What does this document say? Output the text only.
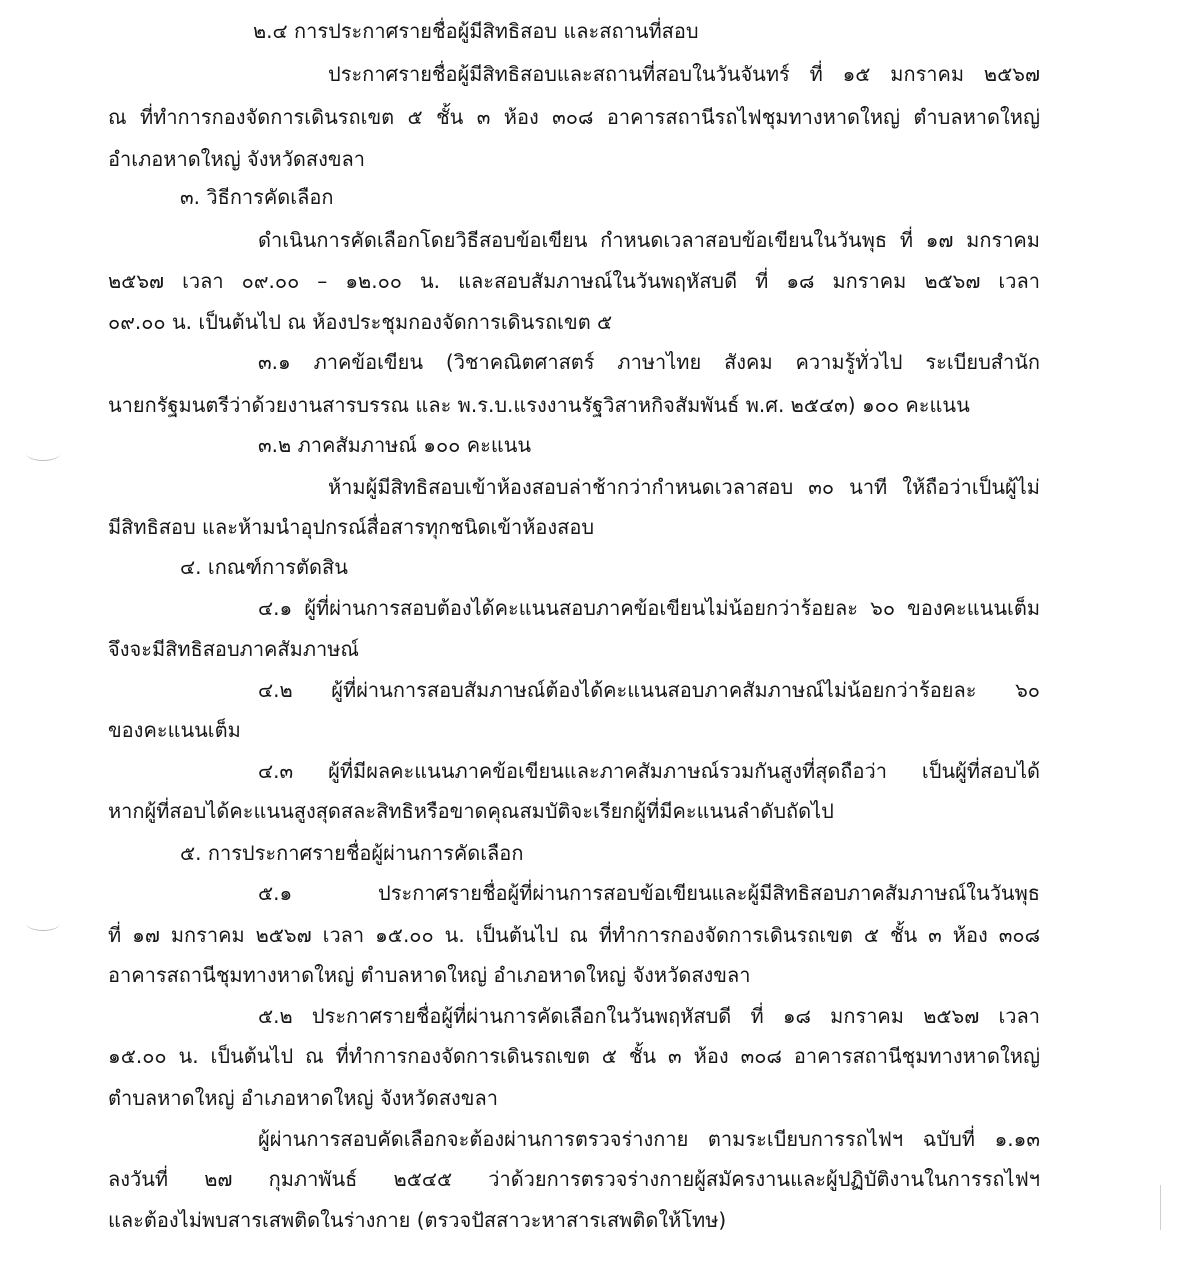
๒.๔ การประกาศรายชื่อผู้มีสิทธิสอบ และสถานที่สอบ

ประกาศรายชื่อผู้มีสิทธิสอบและสถานที่สอบในวันจันทร์ ที่ ๑๕ มกราคม ๒๕๖๗

ณ ที่ทำการกองจัดการเดินรถเขต ๕ ชั้น ๓ ห้อง ๓๐๘ อาคารสถานีรถไฟชุมทางหาดใหญ่ ตำบลหาดใหญ่

อำเภอหาดใหญ่ จังหวัดสงขลา

๓. วิธีการคัดเลือก

ดำเนินการคัดเลือกโดยวิธีสอบข้อเขียน กำหนดเวลาสอบข้อเขียนในวันพุธ ที่ ๑๗ มกราคม

๒๕๖๗ เวลา ๐๙.๐๐ – ๑๒.๐๐ น. และสอบสัมภาษณ์ในวันพฤหัสบดี ที่ ๑๘ มกราคม ๒๕๖๗ เวลา

๐๙.๐๐ น. เป็นต้นไป ณ ห้องประชุมกองจัดการเดินรถเขต ๕

๓.๑ ภาคข้อเขียน (วิชาคณิตศาสตร์ ภาษาไทย สังคม ความรู้ทั่วไป ระเบียบสำนัก

นายกรัฐมนตรีว่าด้วยงานสารบรรณ และ พ.ร.บ.แรงงานรัฐวิสาหกิจสัมพันธ์ พ.ศ. ๒๕๔๓) ๑๐๐ คะแนน

๓.๒ ภาคสัมภาษณ์ ๑๐๐ คะแนน

ห้ามผู้มีสิทธิสอบเข้าห้องสอบล่าช้ากว่ากำหนดเวลาสอบ ๓๐ นาที ให้ถือว่าเป็นผู้ไม่

มีสิทธิสอบ และห้ามนำอุปกรณ์สื่อสารทุกชนิดเข้าห้องสอบ

๔. เกณฑ์การตัดสิน

๔.๑ ผู้ที่ผ่านการสอบต้องได้คะแนนสอบภาคข้อเขียนไม่น้อยกว่าร้อยละ ๖๐ ของคะแนนเต็ม

จึงจะมีสิทธิสอบภาคสัมภาษณ์

๔.๒ ผู้ที่ผ่านการสอบสัมภาษณ์ต้องได้คะแนนสอบภาคสัมภาษณ์ไม่น้อยกว่าร้อยละ ๖๐

ของคะแนนเต็ม

๔.๓ ผู้ที่มีผลคะแนนภาคข้อเขียนและภาคสัมภาษณ์รวมกันสูงที่สุดถือว่า เป็นผู้ที่สอบได้

หากผู้ที่สอบได้คะแนนสูงสุดสละสิทธิหรือขาดคุณสมบัติจะเรียกผู้ที่มีคะแนนลำดับถัดไป

๕. การประกาศรายชื่อผู้ผ่านการคัดเลือก

๕.๑ ประกาศรายชื่อผู้ที่ผ่านการสอบข้อเขียนและผู้มีสิทธิสอบภาคสัมภาษณ์ในวันพุธ

ที่ ๑๗ มกราคม ๒๕๖๗ เวลา ๑๕.๐๐ น. เป็นต้นไป ณ ที่ทำการกองจัดการเดินรถเขต ๕ ชั้น ๓ ห้อง ๓๐๘

อาคารสถานีชุมทางหาดใหญ่ ตำบลหาดใหญ่ อำเภอหาดใหญ่ จังหวัดสงขลา

๕.๒ ประกาศรายชื่อผู้ที่ผ่านการคัดเลือกในวันพฤหัสบดี ที่ ๑๘ มกราคม ๒๕๖๗ เวลา

๑๕.๐๐ น. เป็นต้นไป ณ ที่ทำการกองจัดการเดินรถเขต ๕ ชั้น ๓ ห้อง ๓๐๘ อาคารสถานีชุมทางหาดใหญ่

ตำบลหาดใหญ่ อำเภอหาดใหญ่ จังหวัดสงขลา

ผู้ผ่านการสอบคัดเลือกจะต้องผ่านการตรวจร่างกาย ตามระเบียบการรถไฟฯ ฉบับที่ ๑.๑๓

ลงวันที่ ๒๗ กุมภาพันธ์ ๒๕๔๕ ว่าด้วยการตรวจร่างกายผู้สมัครงานและผู้ปฏิบัติงานในการรถไฟฯ

และต้องไม่พบสารเสพติดในร่างกาย (ตรวจปัสสาวะหาสารเสพติดให้โทษ)
